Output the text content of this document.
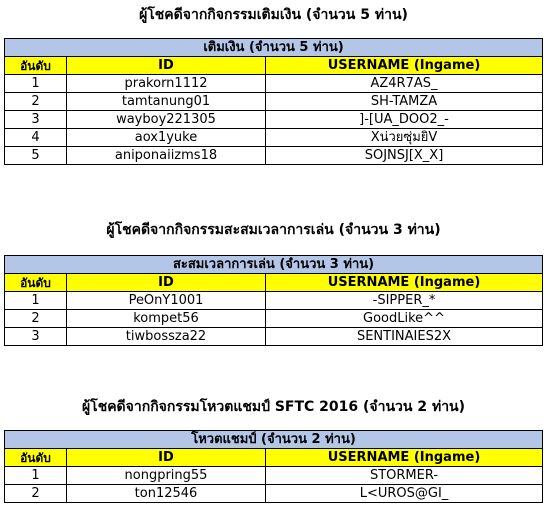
ผู้โชคดีจากกิจกรรมเติมเงิน (จำนวน 5 ท่าน)
เติมเงิน (จำนวน 5 ท่าน)		
อันดับ	ID	USERNAME (Ingame)
1	prakorn1112	AZ4R7AS_
2	tamtanung01	SH-TAMZA
3	wayboy221305	]-[UA_DOO2_-
4	aox1yuke	Xน่วยซุ่มยิV
5	aniponaiizms18	SOJNSJ[X_X]
ผู้โชคดีจากกิจกรรมสะสมเวลาการเล่น (จำนวน 3 ท่าน)
สะสมเวลาการเล่น (จำนวน 3 ท่าน)		
อันดับ	ID	USERNAME (Ingame)
1	PeOnY1001	-SIPPER_*
2	kompet56	GoodLike^^
3	tiwbossza22	SENTINAIES2X
ผู้โชคดีจากกิจกรรมโหวตแชมป์ SFTC 2016 (จำนวน 2 ท่าน)
โหวตแชมป์ (จำนวน 2 ท่าน)		
อันดับ	ID	USERNAME (Ingame)
1	nongpring55	STORMER-
2	ton12546	L<UROS@GI_
